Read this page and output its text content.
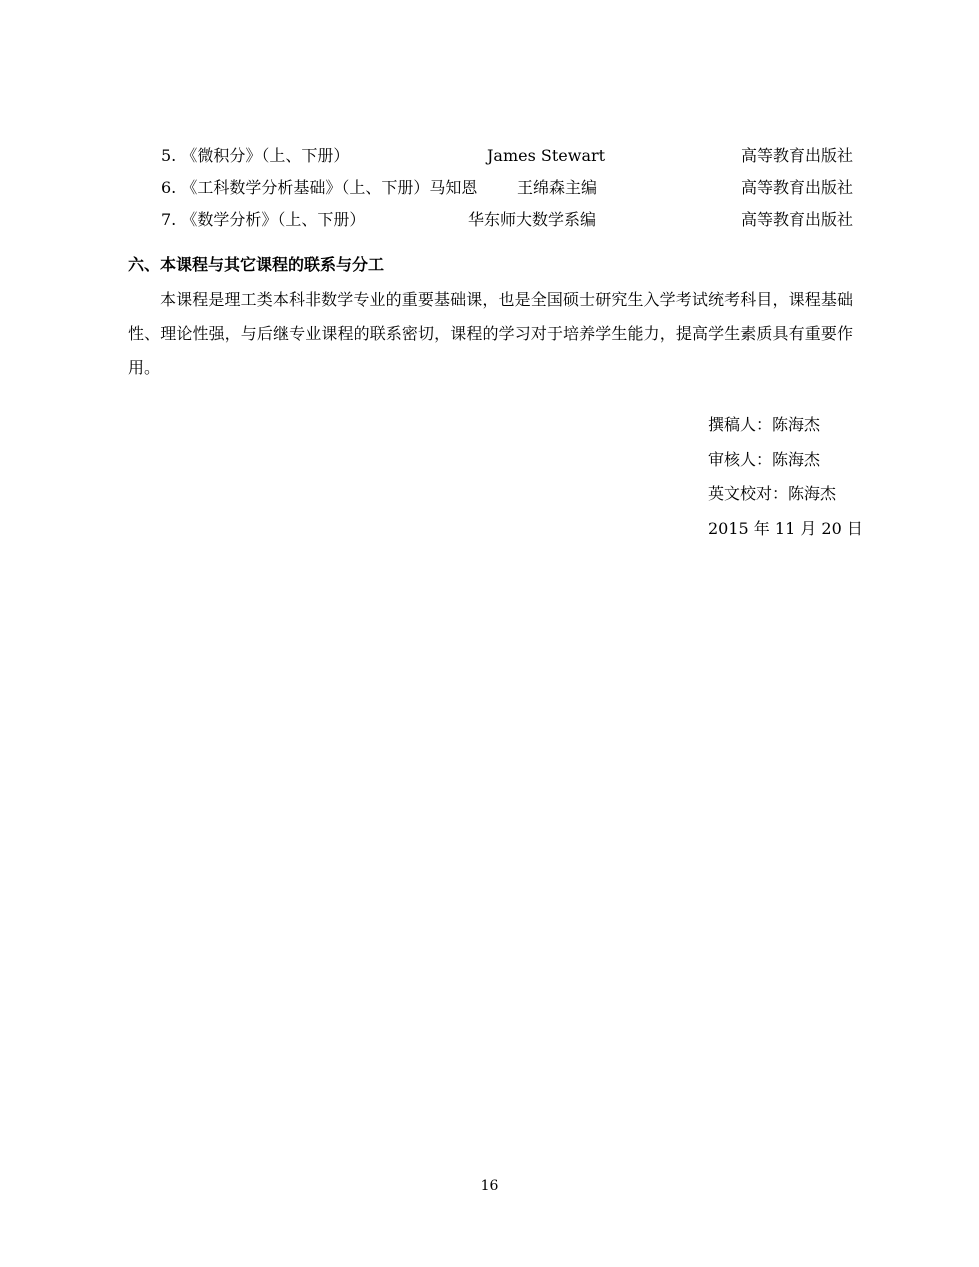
5. 《微积分》（上、下册）	James Stewart	高等教育出版社
6. 《工科数学分析基础》（上、下册）马知恩 王绵森主编	高等教育出版社
7. 《数学分析》（上、下册）	华东师大数学系编	高等教育出版社
六、本课程与其它课程的联系与分工

本课程是理工类本科非数学专业的重要基础课，也是全国硕士研究生入学考试统考科目，课程基础性、理论性强，与后继专业课程的联系密切，课程的学习对于培养学生能力，提高学生素质具有重要作用。

撰稿人：陈海杰
审核人：陈海杰
英文校对：陈海杰
2015 年 11 月 20 日
16
